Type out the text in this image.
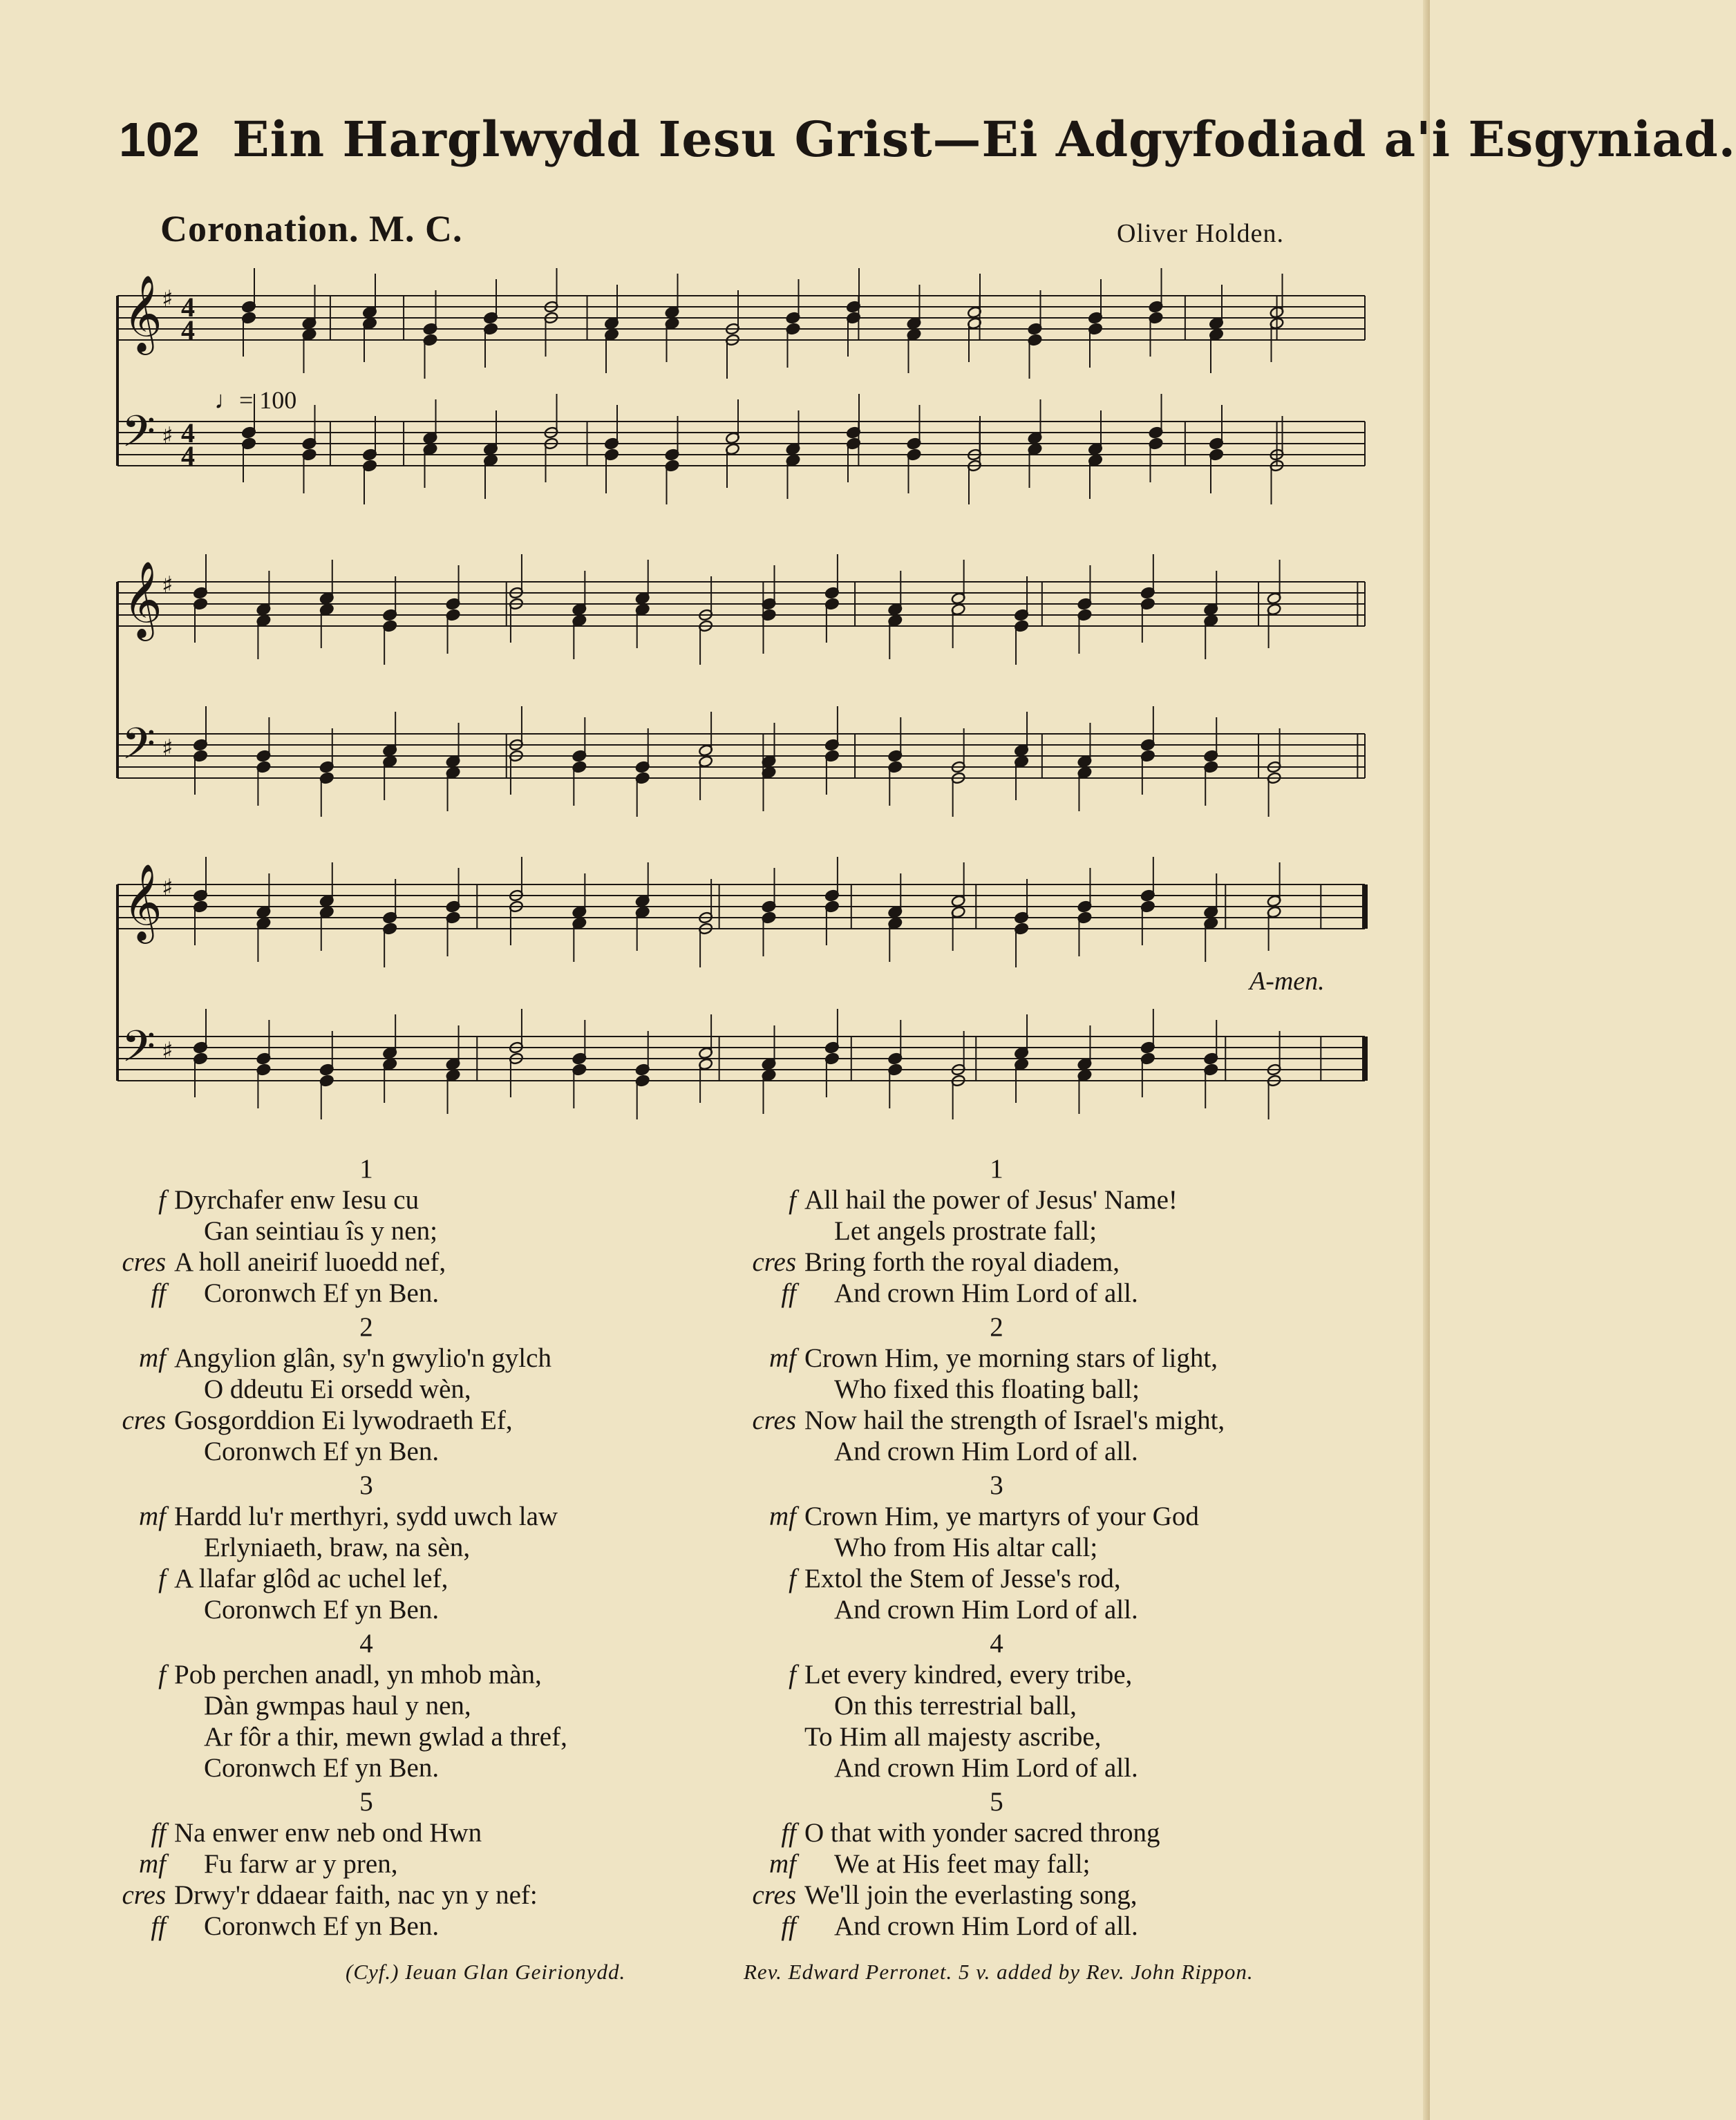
102 Ein Harglwydd Iesu Grist—Ei Adgyfodiad a'i Esgyniad.
Coronation. M. C.	Oliver Holden.
𝄞
𝄢
♯
♯
4
4
4
4
𝄞
𝄢
♯
♯
𝄞
𝄢
♯
♯
♩= 100
A-men.
1
f Dyrchafer enw Iesu cu
Gan seintiau îs y nen;
cres A holl aneirif luoedd nef,
ff Coronwch Ef yn Ben.
2
mf Angylion glân, sy'n gwylio'n gylch
O ddeutu Ei orsedd wèn,
cres Gosgorddion Ei lywodraeth Ef,
Coronwch Ef yn Ben.
3
mf Hardd lu'r merthyri, sydd uwch law
Erlyniaeth, braw, na sèn,
f A llafar glôd ac uchel lef,
Coronwch Ef yn Ben.
4
f Pob perchen anadl, yn mhob màn,
Dàn gwmpas haul y nen,
Ar fôr a thir, mewn gwlad a thref,
Coronwch Ef yn Ben.
5
ff Na enwer enw neb ond Hwn
mf Fu farw ar y pren,
cres Drwy'r ddaear faith, nac yn y nef:
ff Coronwch Ef yn Ben.
1
f All hail the power of Jesus' Name!
Let angels prostrate fall;
cres Bring forth the royal diadem,
ff And crown Him Lord of all.
2
mf Crown Him, ye morning stars of light,
Who fixed this floating ball;
cres Now hail the strength of Israel's might,
And crown Him Lord of all.
3
mf Crown Him, ye martyrs of your God
Who from His altar call;
f Extol the Stem of Jesse's rod,
And crown Him Lord of all.
4
f Let every kindred, every tribe,
On this terrestrial ball,
To Him all majesty ascribe,
And crown Him Lord of all.
5
ff O that with yonder sacred throng
mf We at His feet may fall;
cres We'll join the everlasting song,
ff And crown Him Lord of all.
(Cyf.) Ieuan Glan Geirionydd.	Rev. Edward Perronet. 5 v. added by Rev. John Rippon.
